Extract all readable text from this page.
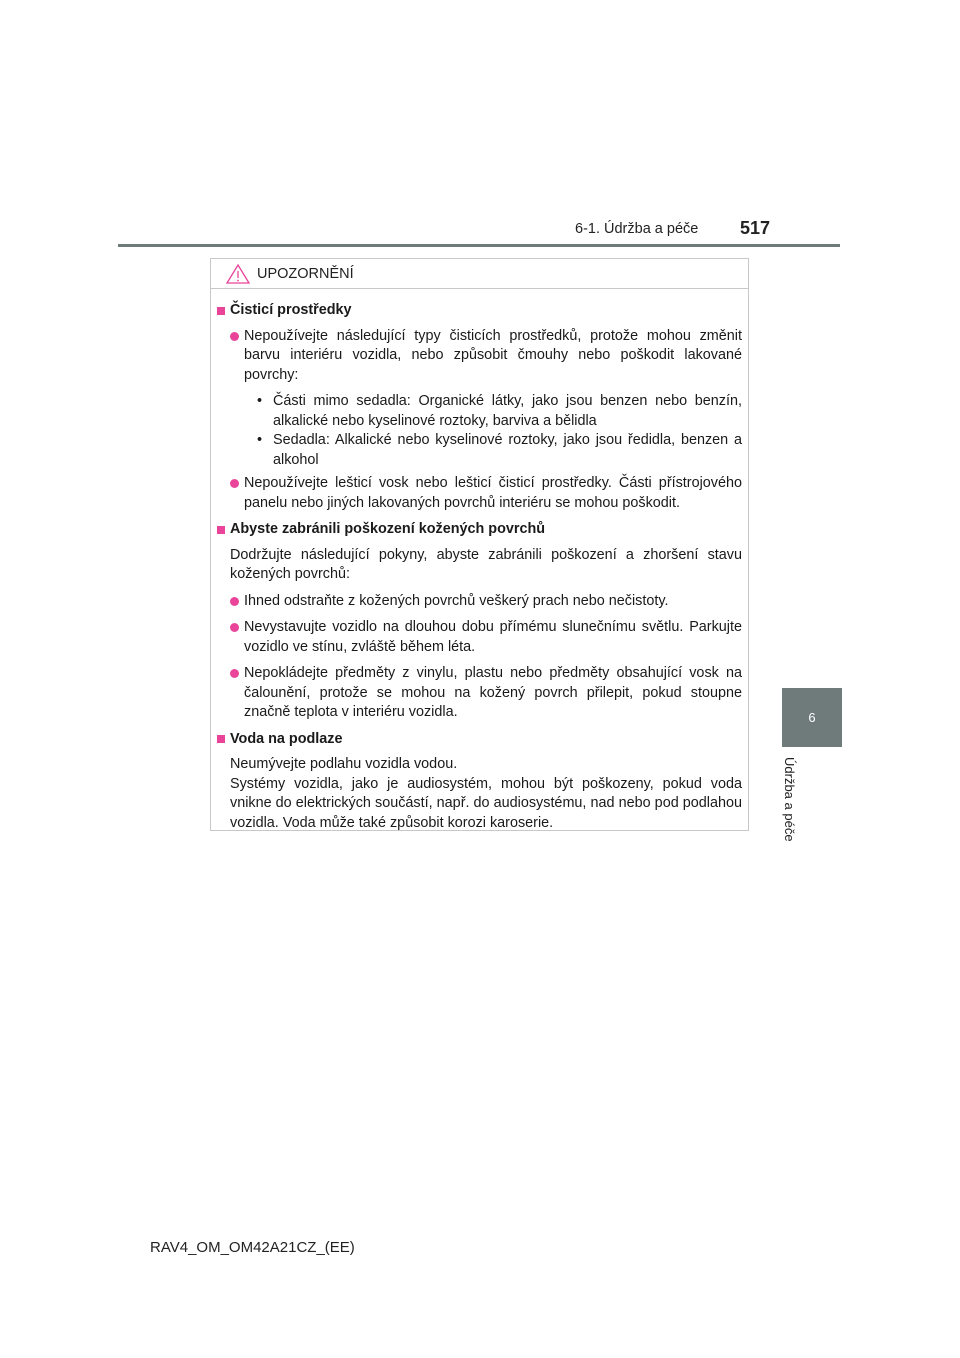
6-1. Údržba a péče 517
6
Údržba a péče
UPOZORNĚNÍ
Čisticí prostředky
Nepoužívejte následující typy čisticích prostředků, protože mohou změnit barvu interiéru vozidla, nebo způsobit čmouhy nebo poškodit lakované povrchy:
• Části mimo sedadla: Organické látky, jako jsou benzen nebo benzín, alkalické nebo kyselinové roztoky, barviva a bělidla
• Sedadla: Alkalické nebo kyselinové roztoky, jako jsou ředidla, benzen a alkohol
Nepoužívejte lešticí vosk nebo lešticí čisticí prostředky. Části přístrojového panelu nebo jiných lakovaných povrchů interiéru se mohou poškodit.
Abyste zabránili poškození kožených povrchů
Dodržujte následující pokyny, abyste zabránili poškození a zhoršení stavu kožených povrchů:
Ihned odstraňte z kožených povrchů veškerý prach nebo nečistoty.
Nevystavujte vozidlo na dlouhou dobu přímému slunečnímu světlu. Parkujte vozidlo ve stínu, zvláště během léta.
Nepokládejte předměty z vinylu, plastu nebo předměty obsahující vosk na čalounění, protože se mohou na kožený povrch přilepit, pokud stoupne značně teplota v interiéru vozidla.
Voda na podlaze
Neumývejte podlahu vozidla vodou.
Systémy vozidla, jako je audiosystém, mohou být poškozeny, pokud voda vnikne do elektrických součástí, např. do audiosystému, nad nebo pod podlahou vozidla. Voda může také způsobit korozi karoserie.
RAV4_OM_OM42A21CZ_(EE)
